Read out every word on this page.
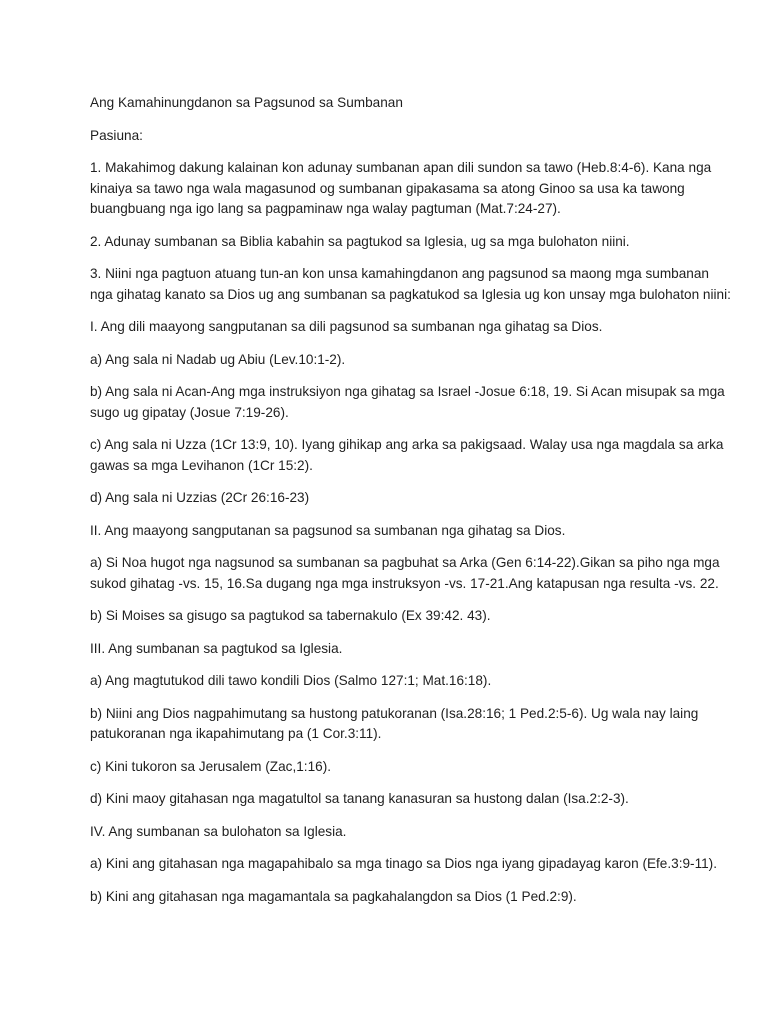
Ang Kamahinungdanon sa Pagsunod sa Sumbanan

Pasiuna:

1. Makahimog dakung kalainan kon adunay sumbanan apan dili sundon sa tawo (Heb.8:4-6). Kana nga
kinaiya sa tawo nga wala magasunod og sumbanan gipakasama sa atong Ginoo sa usa ka tawong
buangbuang nga igo lang sa pagpaminaw nga walay pagtuman (Mat.7:24-27).

2. Adunay sumbanan sa Biblia kabahin sa pagtukod sa Iglesia, ug sa mga bulohaton niini.

3. Niini nga pagtuon atuang tun-an kon unsa kamahingdanon ang pagsunod sa maong mga sumbanan
nga gihatag kanato sa Dios ug ang sumbanan sa pagkatukod sa Iglesia ug kon unsay mga bulohaton niini:

I. Ang dili maayong sangputanan sa dili pagsunod sa sumbanan nga gihatag sa Dios.

a) Ang sala ni Nadab ug Abiu (Lev.10:1-2).

b) Ang sala ni Acan-Ang mga instruksiyon nga gihatag sa Israel -Josue 6:18, 19. Si Acan misupak sa mga
sugo ug gipatay (Josue 7:19-26).

c) Ang sala ni Uzza (1Cr 13:9, 10). Iyang gihikap ang arka sa pakigsaad. Walay usa nga magdala sa arka
gawas sa mga Levihanon (1Cr 15:2).

d) Ang sala ni Uzzias (2Cr 26:16-23)

II. Ang maayong sangputanan sa pagsunod sa sumbanan nga gihatag sa Dios.

a) Si Noa hugot nga nagsunod sa sumbanan sa pagbuhat sa Arka (Gen 6:14-22).Gikan sa piho nga mga
sukod gihatag -vs. 15, 16.Sa dugang nga mga instruksyon -vs. 17-21.Ang katapusan nga resulta -vs. 22.

b) Si Moises sa gisugo sa pagtukod sa tabernakulo (Ex 39:42. 43).

III. Ang sumbanan sa pagtukod sa Iglesia.

a) Ang magtutukod dili tawo kondili Dios (Salmo 127:1; Mat.16:18).

b) Niini ang Dios nagpahimutang sa hustong patukoranan (Isa.28:16; 1 Ped.2:5-6). Ug wala nay laing
patukoranan nga ikapahimutang pa (1 Cor.3:11).

c) Kini tukoron sa Jerusalem (Zac,1:16).

d) Kini maoy gitahasan nga magatultol sa tanang kanasuran sa hustong dalan (Isa.2:2-3).

IV. Ang sumbanan sa bulohaton sa Iglesia.

a) Kini ang gitahasan nga magapahibalo sa mga tinago sa Dios nga iyang gipadayag karon (Efe.3:9-11).

b) Kini ang gitahasan nga magamantala sa pagkahalangdon sa Dios (1 Ped.2:9).
